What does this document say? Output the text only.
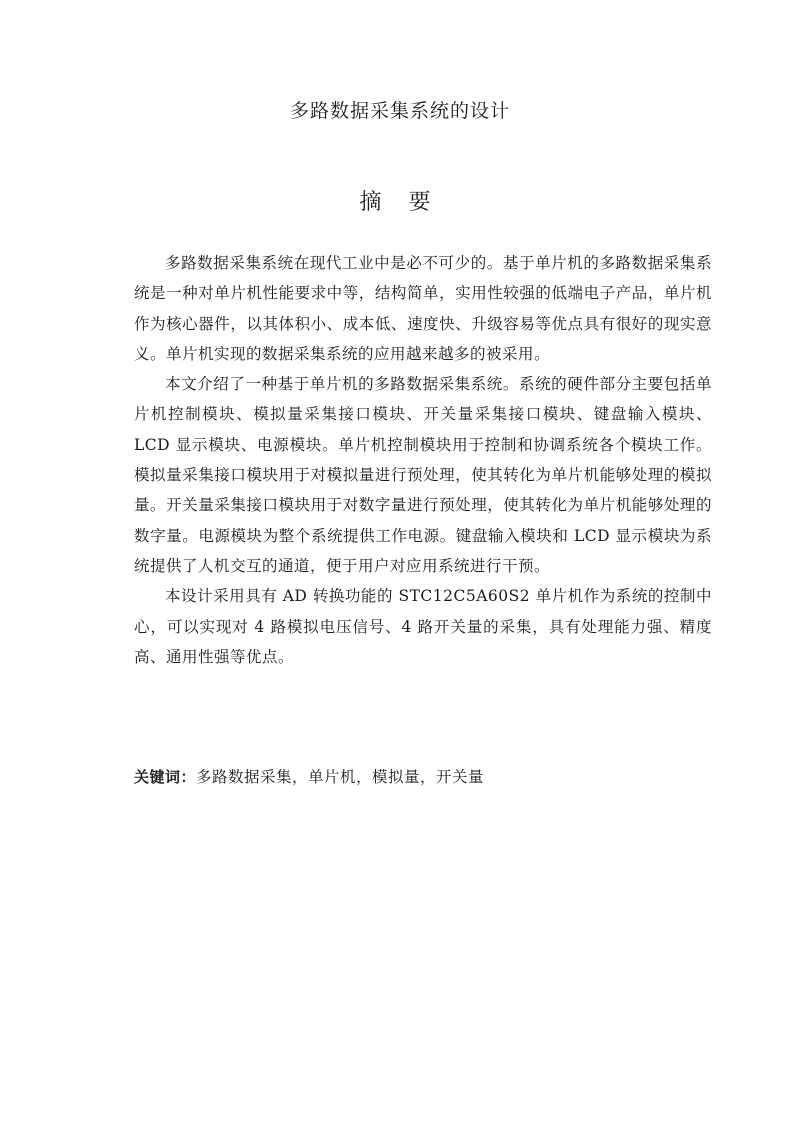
多路数据采集系统的设计
摘 要

多路数据采集系统在现代工业中是必不可少的。基于单片机的多路数据采集系统是一种对单片机性能要求中等，结构简单，实用性较强的低端电子产品，单片机作为核心器件，以其体积小、成本低、速度快、升级容易等优点具有很好的现实意义。单片机实现的数据采集系统的应用越来越多的被采用。

本文介绍了一种基于单片机的多路数据采集系统。系统的硬件部分主要包括单片机控制模块、模拟量采集接口模块、开关量采集接口模块、键盘输入模块、LCD 显示模块、电源模块。单片机控制模块用于控制和协调系统各个模块工作。模拟量采集接口模块用于对模拟量进行预处理，使其转化为单片机能够处理的模拟量。开关量采集接口模块用于对数字量进行预处理，使其转化为单片机能够处理的数字量。电源模块为整个系统提供工作电源。键盘输入模块和 LCD 显示模块为系统提供了人机交互的通道，便于用户对应用系统进行干预。

本设计采用具有 AD 转换功能的 STC12C5A60S2 单片机作为系统的控制中心，可以实现对 4 路模拟电压信号、4 路开关量的采集，具有处理能力强、精度高、通用性强等优点。

关键词：多路数据采集，单片机，模拟量，开关量
